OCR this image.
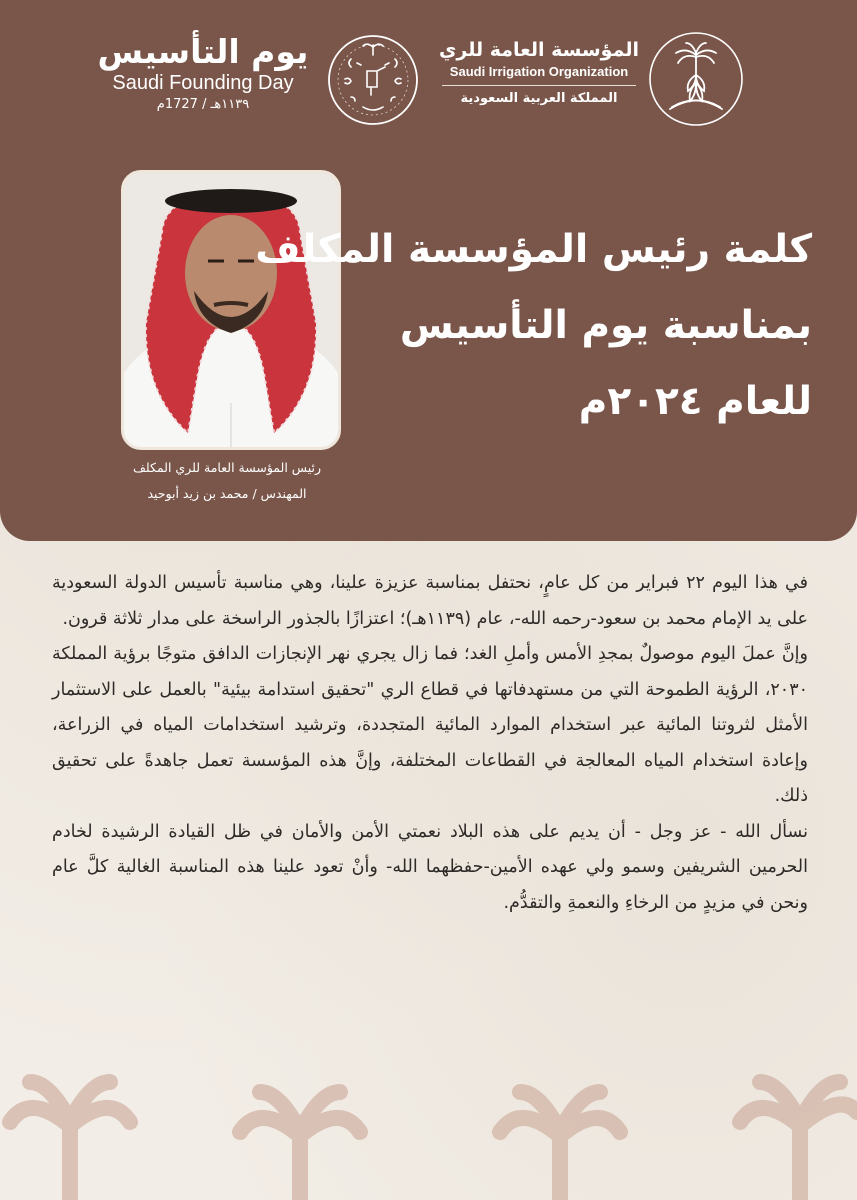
المؤسسة العامة للري
Saudi Irrigation Organization
المملكة العربية السعودية
يوم التأسيس
Saudi Founding Day
١١٣٩هـ / 1727م
رئيس المؤسسة العامة للري المكلف
المهندس / محمد بن زيد أبوحيد
كلمة رئيس المؤسسة المكلف
بمناسبة يوم التأسيس
للعام ٢٠٢٤م

في هذا اليوم ٢٢ فبراير من كل عامٍ، نحتفل بمناسبة عزيزة علينا، وهي مناسبة تأسيس الدولة السعودية على يد الإمام محمد بن سعود-رحمه الله-، عام (١١٣٩هـ)؛ اعتزازًا بالجذور الراسخة على مدار ثلاثة قرون.

وإنَّ عملَ اليوم موصولٌ بمجدِ الأمس وأملِ الغد؛ فما زال يجري نهر الإنجازات الدافق متوجًا برؤية المملكة ٢٠٣٠، الرؤية الطموحة التي من مستهدفاتها في قطاع الري "تحقيق استدامة بيئية" بالعمل على الاستثمار الأمثل لثروتنا المائية عبر استخدام الموارد المائية المتجددة، وترشيد استخدامات المياه في الزراعة، وإعادة استخدام المياه المعالجة في القطاعات المختلفة، وإنَّ هذه المؤسسة تعمل جاهدةً على تحقيق ذلك.

نسأل الله - عز وجل - أن يديم على هذه البلاد نعمتي الأمن والأمان في ظل القيادة الرشيدة لخادم الحرمين الشريفين وسمو ولي عهده الأمين-حفظهما الله- وأنْ تعود علينا هذه المناسبة الغالية كلَّ عام ونحن في مزيدٍ من الرخاءِ والنعمةِ والتقدُّم.
